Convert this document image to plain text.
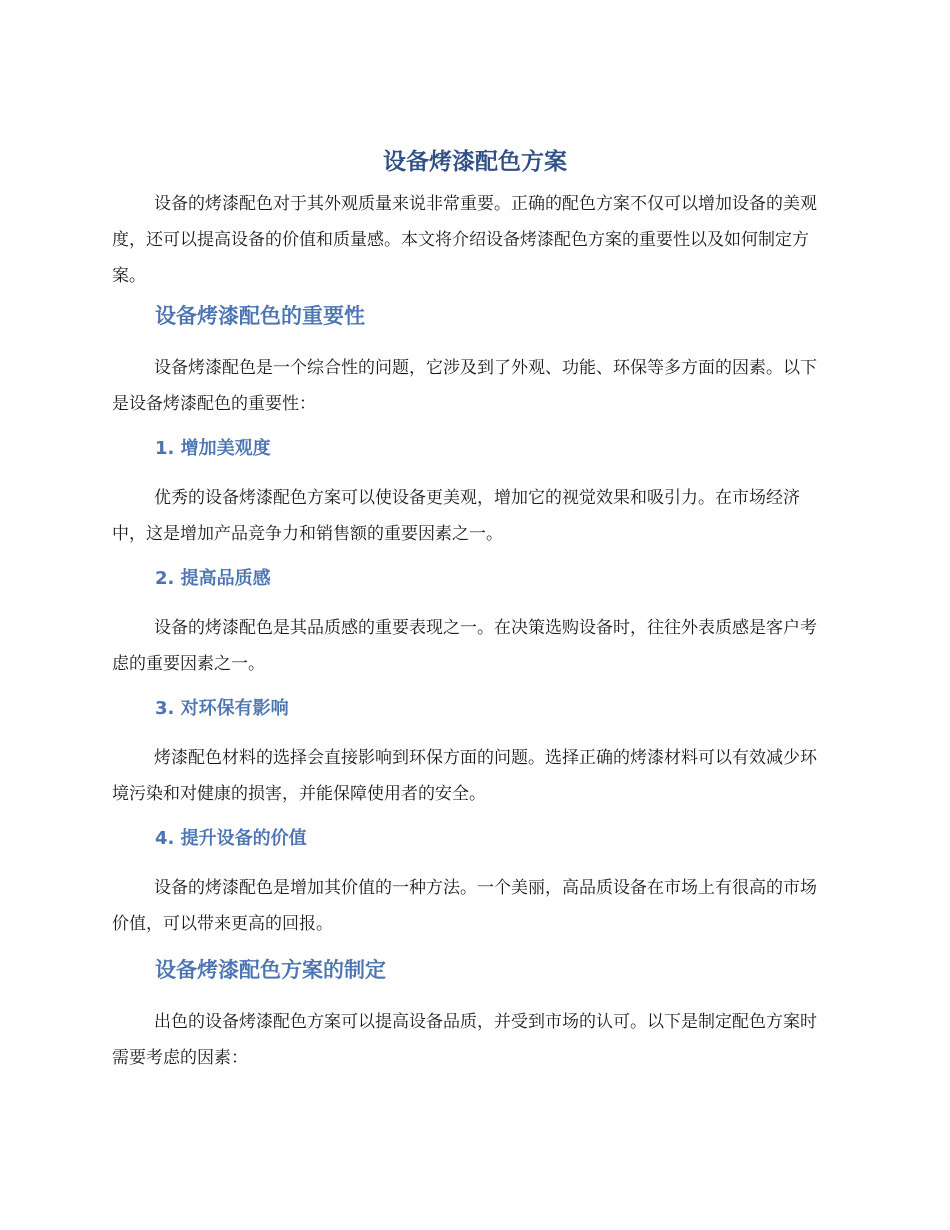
设备烤漆配色方案

设备的烤漆配色对于其外观质量来说非常重要。正确的配色方案不仅可以增加设备的美观度，还可以提高设备的价值和质量感。本文将介绍设备烤漆配色方案的重要性以及如何制定方案。

设备烤漆配色的重要性

设备烤漆配色是一个综合性的问题，它涉及到了外观、功能、环保等多方面的因素。以下是设备烤漆配色的重要性：

1. 增加美观度

优秀的设备烤漆配色方案可以使设备更美观，增加它的视觉效果和吸引力。在市场经济中，这是增加产品竞争力和销售额的重要因素之一。

2. 提高品质感

设备的烤漆配色是其品质感的重要表现之一。在决策选购设备时，往往外表质感是客户考虑的重要因素之一。

3. 对环保有影响

烤漆配色材料的选择会直接影响到环保方面的问题。选择正确的烤漆材料可以有效减少环境污染和对健康的损害，并能保障使用者的安全。

4. 提升设备的价值

设备的烤漆配色是增加其价值的一种方法。一个美丽，高品质设备在市场上有很高的市场价值，可以带来更高的回报。

设备烤漆配色方案的制定

出色的设备烤漆配色方案可以提高设备品质，并受到市场的认可。以下是制定配色方案时需要考虑的因素：
